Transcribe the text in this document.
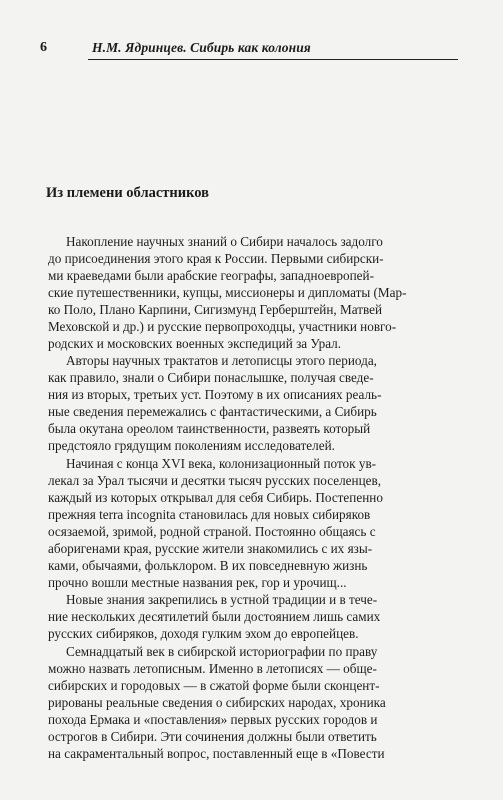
6	Н.М. Ядринцев. Сибирь как колония
Из племени областников
Накопление научных знаний о Сибири началось задолго
до присоединения этого края к России. Первыми сибирски-
ми краеведами были арабские географы, западноевропей-
ские путешественники, купцы, миссионеры и дипломаты (Мар-
ко Поло, Плано Карпини, Сигизмунд Герберштейн, Матвей
Меховской и др.) и русские первопроходцы, участники новго-
родских и московских военных экспедиций за Урал.
Авторы научных трактатов и летописцы этого периода,
как правило, знали о Сибири понаслышке, получая сведе-
ния из вторых, третьих уст. Поэтому в их описаниях реаль-
ные сведения перемежались с фантастическими, а Сибирь
была окутана ореолом таинственности, развеять который
предстояло грядущим поколениям исследователей.
Начиная с конца XVI века, колонизационный поток ув-
лекал за Урал тысячи и десятки тысяч русских поселенцев,
каждый из которых открывал для себя Сибирь. Постепенно
прежняя terra incognita становилась для новых сибиряков
осязаемой, зримой, родной страной. Постоянно общаясь с
аборигенами края, русские жители знакомились с их язы-
ками, обычаями, фольклором. В их повседневную жизнь
прочно вошли местные названия рек, гор и урочищ...
Новые знания закрепились в устной традиции и в тече-
ние нескольких десятилетий были достоянием лишь самих
русских сибиряков, доходя гулким эхом до европейцев.
Семнадцатый век в сибирской историографии по праву
можно назвать летописным. Именно в летописях — обще-
сибирских и городовых — в сжатой форме были сконцент-
рированы реальные сведения о сибирских народах, хроника
похода Ермака и «поставления» первых русских городов и
острогов в Сибири. Эти сочинения должны были ответить
на сакраментальный вопрос, поставленный еще в «Повести
